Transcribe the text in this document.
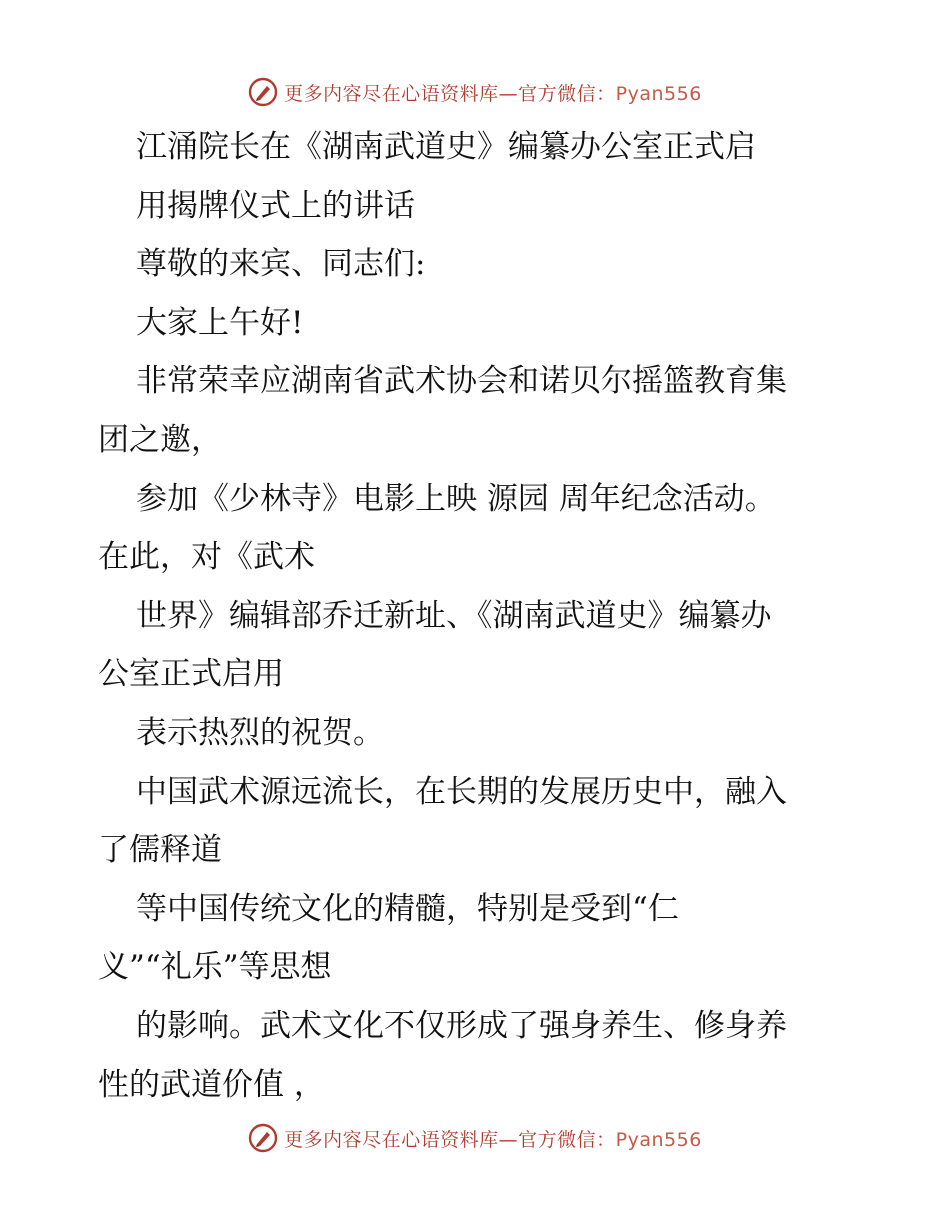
更多内容尽在心语资料库—官方微信：Pyan556
江涌院长在《湖南武道史》编纂办公室正式启
用揭牌仪式上的讲话
尊敬的来宾、同志们:
大家上午好!
非常荣幸应湖南省武术协会和诺贝尔摇篮教育集
团之邀，
参加《少林寺》电影上映 源园 周年纪念活动。
在此，对《武术
世界》编辑部乔迁新址、《湖南武道史》编纂办
公室正式启用
表示热烈的祝贺。
中国武术源远流长，在长期的发展历史中，融入
了儒释道
等中国传统文化的精髓，特别是受到“仁
义”“礼乐”等思想
的影响。武术文化不仅形成了强身养生、修身养
性的武道价值 ，
更多内容尽在心语资料库—官方微信：Pyan556
